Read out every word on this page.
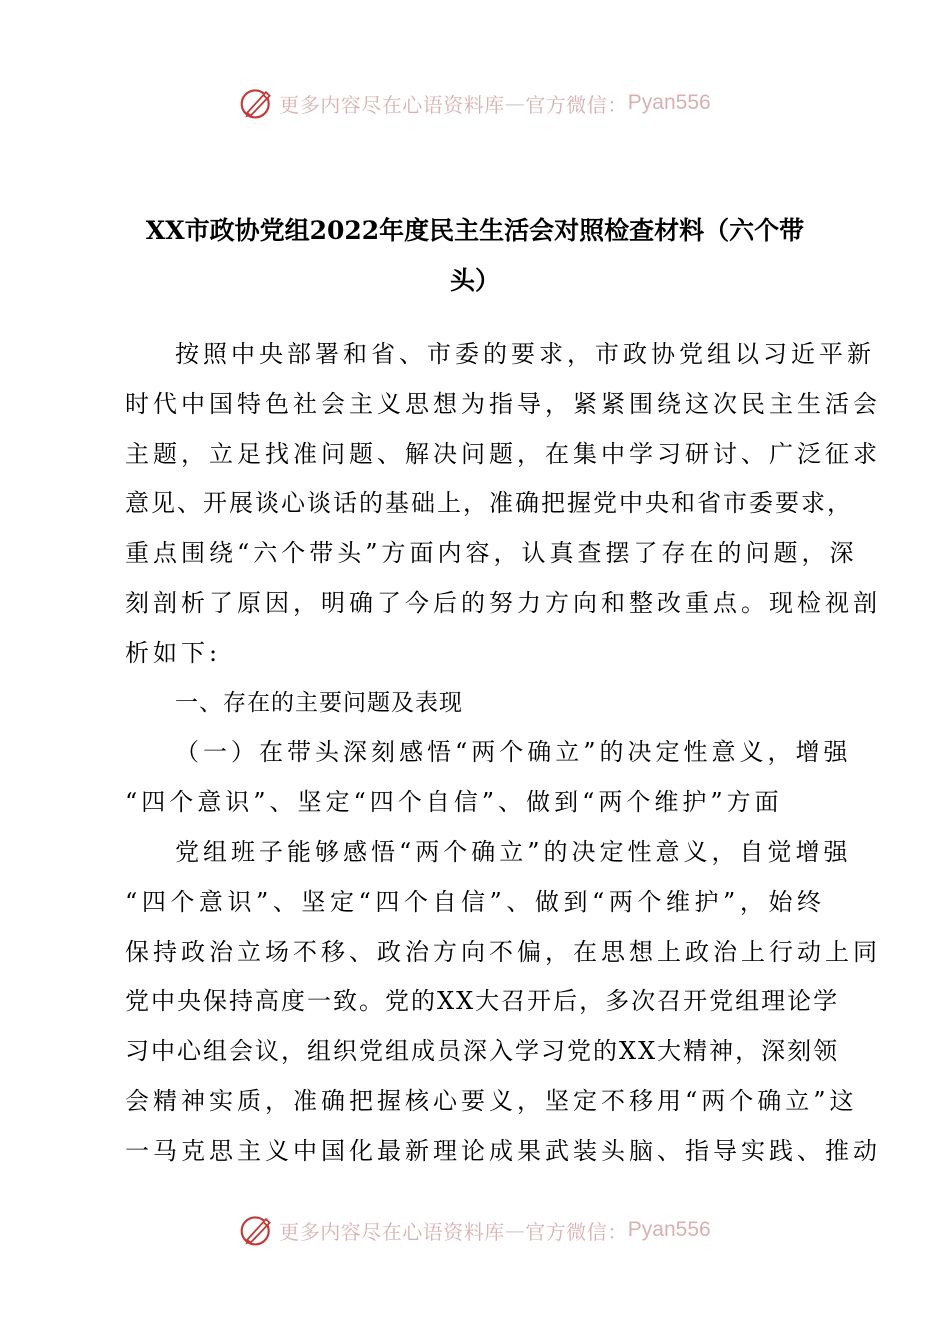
更多内容尽在心语资料库 — 官方微信： Pyan556
XX市政协党组2022年度民主生活会对照检查材料（六个带
头）
按照中央部署和省、市委的要求，市政协党组以习近平新
时代中国特色社会主义思想为指导，紧紧围绕这次民主生活会
主题，立足找准问题、解决问题，在集中学习研讨、广泛征求
意见、开展谈心谈话的基础上，准确把握党中央和省市委要求，
重点围绕“六个带头”方面内容，认真查摆了存在的问题，深
刻剖析了原因，明确了今后的努力方向和整改重点。现检视剖
析如下:
一、存在的主要问题及表现
（一）在带头深刻感悟“两个确立”的决定性意义，增强
“四个意识”、坚定“四个自信”、做到“两个维护”方面
党组班子能够感悟“两个确立”的决定性意义，自觉增强
“四个意识”、坚定“四个自信”、做到“两个维护”，始终
保持政治立场不移、政治方向不偏，在思想上政治上行动上同
党中央保持高度一致。党的XX大召开后，多次召开党组理论学
习中心组会议，组织党组成员深入学习党的XX大精神，深刻领
会精神实质，准确把握核心要义，坚定不移用“两个确立”这
一马克思主义中国化最新理论成果武装头脑、指导实践、推动
更多内容尽在心语资料库 — 官方微信： Pyan556
